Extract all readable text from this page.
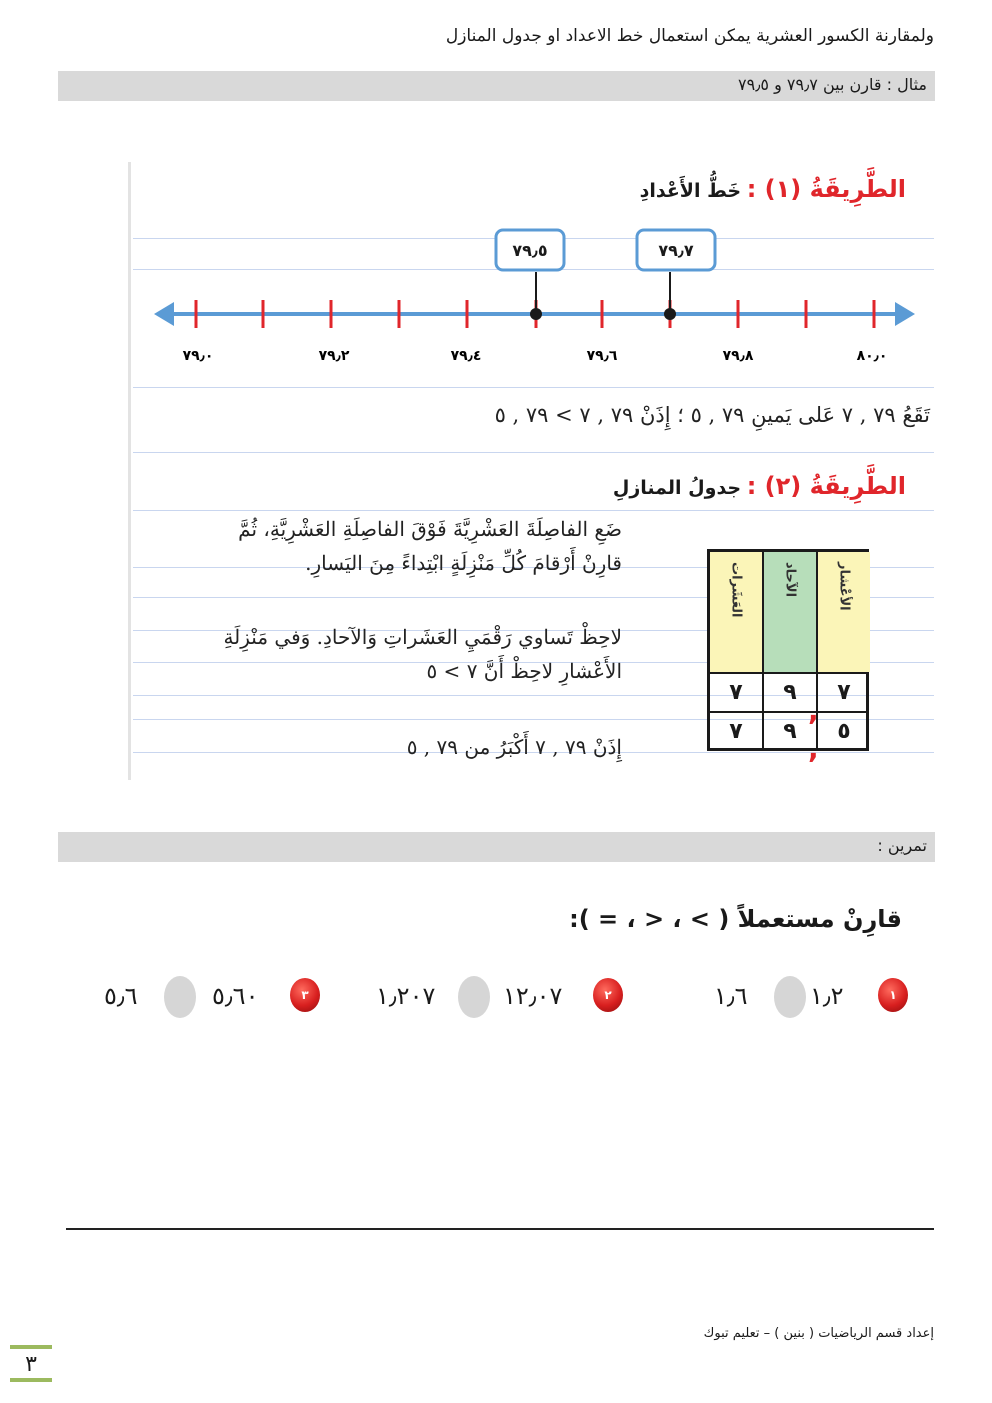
ولمقارنة الكسور العشرية يمكن استعمال خط الاعداد او جدول المنازل
مثال : قارن بين ٧٩٫٧ و ٧٩٫٥
الطَّرِيقَةُ (١) : خَطُّ الأَعْدادِ
٧٩٫٥	٧٩٫٧
٧٩٫٠	٧٩٫٢	٧٩٫٤	٧٩٫٦	٧٩٫٨	٨٠٫٠
تَقَعُ ٧٩ , ٧ عَلى يَمينِ ٧٩ , ٥ ؛ إِذَنْ ٧٩ , ٧ > ٧٩ , ٥
الطَّرِيقَةُ (٢) : جدولُ المنازلِ
ضَعِ الفاصِلَةَ العَشْرِيَّةَ فَوْقَ الفاصِلَةِ العَشْرِيَّةِ، ثُمَّ
قارِنْ أَرْقامَ كُلِّ مَنْزِلَةٍ ابْتِداءً مِنَ اليَسارِ.
لاحِظْ تَساوي رَقْمَيِ العَشَراتِ وَالآحادِ. وَفي مَنْزِلَةِ
الأَعْشارِ لاحِظْ أَنَّ ٧ > ٥
إِذَنْ ٧٩ , ٧ أَكْبَرُ من ٧٩ , ٥
العَشَرات	الآحاد	الأعْشار
٧	٩	٧
٧	٩	٥
,
,
تمرين :
قارِنْ مستعملاً ( > ، < ، = ):
١
١٫٢
١٫٦
٢
١٢٫٠٧
١٫٢٠٧
٣
٥٫٦٠
٥٫٦
إعداد قسم الرياضيات ( بنين ) – تعليم تبوك
٣
